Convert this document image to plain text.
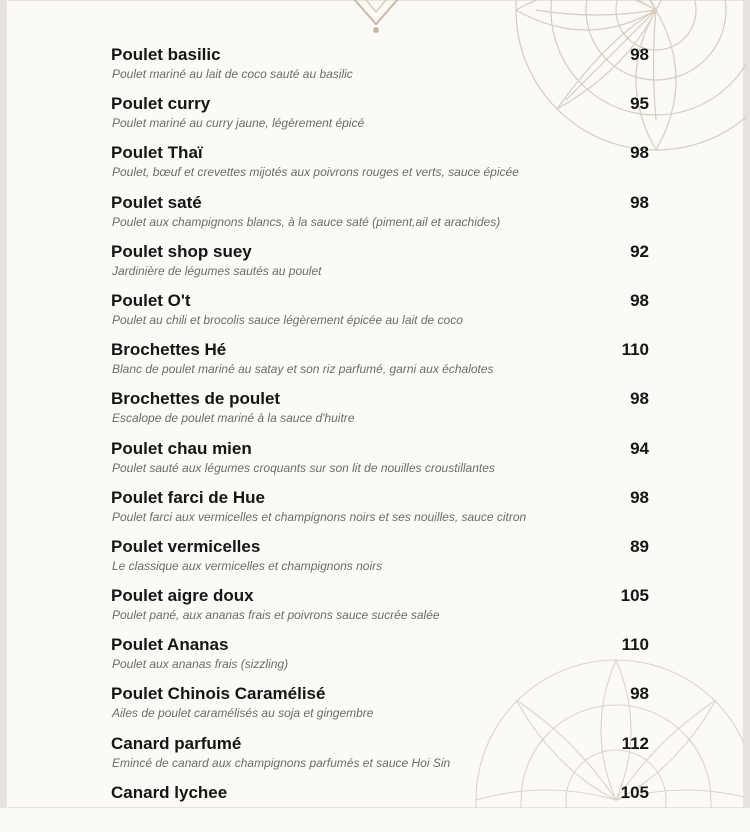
Poulet basilic
Poulet mariné au lait de coco sauté au basilic
98
Poulet curry
Poulet mariné au curry jaune, légèrement épicé
95
Poulet Thaï
Poulet, bœuf et crevettes mijotés aux poivrons rouges et verts, sauce épicée
98
Poulet saté
Poulet aux champignons blancs, à la sauce saté (piment,ail et arachides)
98
Poulet shop suey
Jardinière de légumes sautés au poulet
92
Poulet O't
Poulet au chili et brocolis sauce légèrement épicée au lait de coco
98
Brochettes Hé
Blanc de poulet mariné au satay et son riz parfumé, garni aux échalotes
110
Brochettes de poulet
Escalope de poulet mariné à la sauce d'huitre
98
Poulet chau mien
Poulet sauté aux légumes croquants sur son lit de nouilles croustillantes
94
Poulet farci de Hue
Poulet farci aux vermicelles et champignons noirs et ses nouilles, sauce citron
98
Poulet vermicelles
Le classique aux vermicelles et champignons noirs
89
Poulet aigre doux
Poulet pané, aux ananas frais et poivrons sauce sucrée salée
105
Poulet Ananas
Poulet aux ananas frais (sizzling)
110
Poulet Chinois Caramélisé
Ailes de poulet caramélisés au soja et gingembre
98
Canard parfumé
Emincé de canard aux champignons parfumés et sauce Hoi Sin
112
Canard lychee	105
